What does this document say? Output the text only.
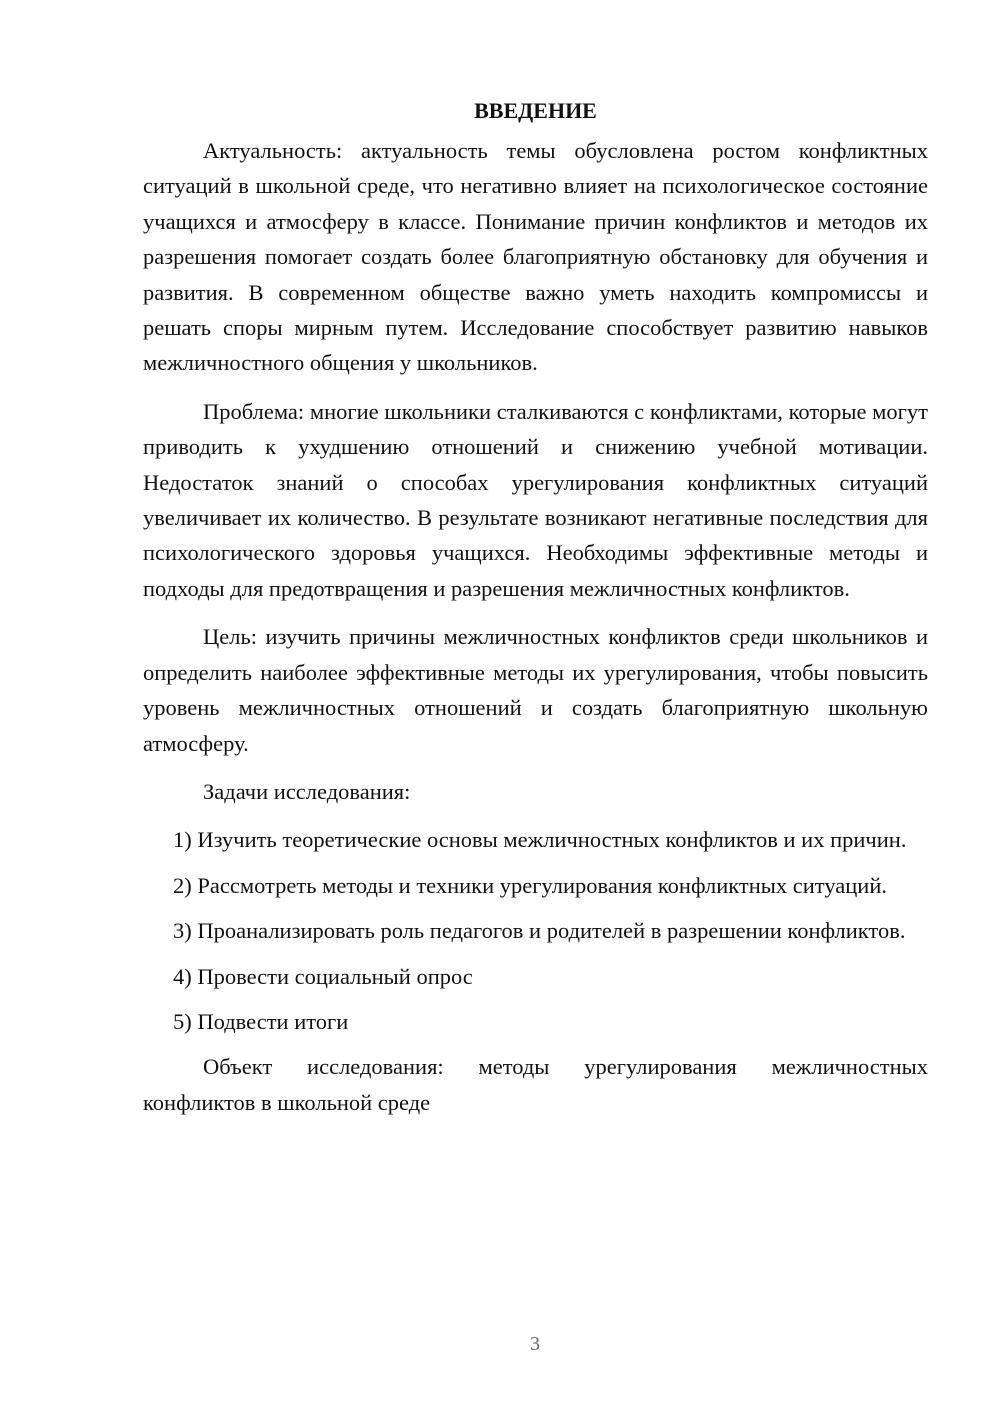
ВВЕДЕНИЕ

Актуальность: актуальность темы обусловлена ростом конфликтных ситуаций в школьной среде, что негативно влияет на психологическое состояние учащихся и атмосферу в классе. Понимание причин конфликтов и методов их разрешения помогает создать более благоприятную обстановку для обучения и развития. В современном обществе важно уметь находить компромиссы и решать споры мирным путем. Исследование способствует развитию навыков межличностного общения у школьников.

Проблема: многие школьники сталкиваются с конфликтами, которые могут приводить к ухудшению отношений и снижению учебной мотивации. Недостаток знаний о способах урегулирования конфликтных ситуаций увеличивает их количество. В результате возникают негативные последствия для психологического здоровья учащихся. Необходимы эффективные методы и подходы для предотвращения и разрешения межличностных конфликтов.

Цель: изучить причины межличностных конфликтов среди школьников и определить наиболее эффективные методы их урегулирования, чтобы повысить уровень межличностных отношений и создать благоприятную школьную атмосферу.

Задачи исследования:

1) Изучить теоретические основы межличностных конфликтов и их причин.

2) Рассмотреть методы и техники урегулирования конфликтных ситуаций.

3) Проанализировать роль педагогов и родителей в разрешении конфликтов.

4) Провести социальный опрос

5) Подвести итоги

Объект исследования: методы урегулирования межличностных конфликтов в школьной среде

3
